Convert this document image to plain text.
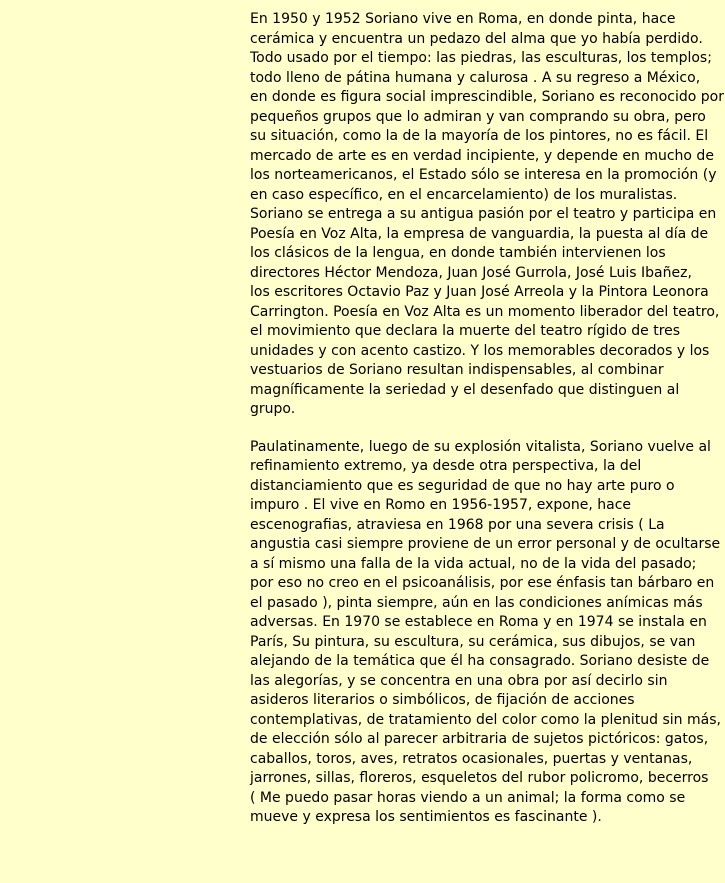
En 1950 y 1952 Soriano vive en Roma, en donde pinta, hace
cerámica y encuentra un pedazo del alma que yo había perdido.
Todo usado por el tiempo: las piedras, las esculturas, los templos;
todo lleno de pátina humana y calurosa . A su regreso a México,
en donde es figura social imprescindible, Soriano es reconocido por
pequeños grupos que lo admiran y van comprando su obra, pero
su situación, como la de la mayoría de los pintores, no es fácil. El
mercado de arte es en verdad incipiente, y depende en mucho de
los norteamericanos, el Estado sólo se interesa en la promoción (y
en caso específico, en el encarcelamiento) de los muralistas.
Soriano se entrega a su antigua pasión por el teatro y participa en
Poesía en Voz Alta, la empresa de vanguardia, la puesta al día de
los clásicos de la lengua, en donde también intervienen los
directores Héctor Mendoza, Juan José Gurrola, José Luis Ibañez,
los escritores Octavio Paz y Juan José Arreola y la Pintora Leonora
Carrington. Poesía en Voz Alta es un momento liberador del teatro,
el movimiento que declara la muerte del teatro rígido de tres
unidades y con acento castizo. Y los memorables decorados y los
vestuarios de Soriano resultan indispensables, al combinar
magníficamente la seriedad y el desenfado que distinguen al
grupo.

Paulatinamente, luego de su explosión vitalista, Soriano vuelve al
refinamiento extremo, ya desde otra perspectiva, la del
distanciamiento que es seguridad de que no hay arte puro o
impuro . El vive en Romo en 1956-1957, expone, hace
escenografias, atraviesa en 1968 por una severa crisis ( La
angustia casi siempre proviene de un error personal y de ocultarse
a sí mismo una falla de la vida actual, no de la vida del pasado;
por eso no creo en el psicoanálisis, por ese énfasis tan bárbaro en
el pasado ), pinta siempre, aún en las condiciones anímicas más
adversas. En 1970 se establece en Roma y en 1974 se instala en
París, Su pintura, su escultura, su cerámica, sus dibujos, se van
alejando de la temática que él ha consagrado. Soriano desiste de
las alegorías, y se concentra en una obra por así decirlo sin
asideros literarios o simbólicos, de fijación de acciones
contemplativas, de tratamiento del color como la plenitud sin más,
de elección sólo al parecer arbitraria de sujetos pictóricos: gatos,
caballos, toros, aves, retratos ocasionales, puertas y ventanas,
jarrones, sillas, floreros, esqueletos del rubor policromo, becerros
( Me puedo pasar horas viendo a un animal; la forma como se
mueve y expresa los sentimientos es fascinante ).
